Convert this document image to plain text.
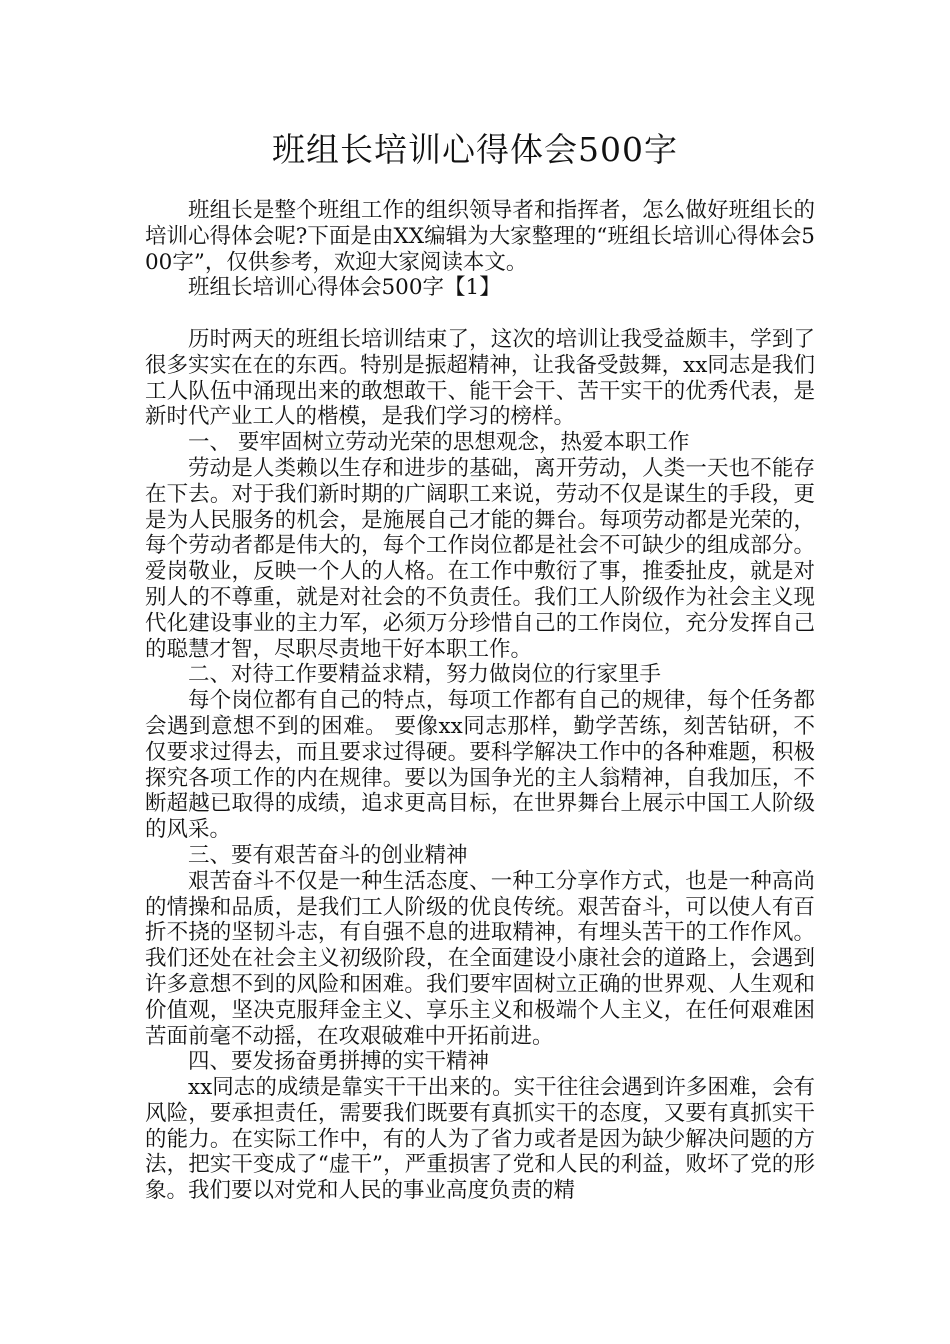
班组长培训心得体会500字

班组长是整个班组工作的组织领导者和指挥者，怎么做好班组长的培训心得体会呢?下面是由XX编辑为大家整理的“班组长培训心得体会500字”，仅供参考，欢迎大家阅读本文。

班组长培训心得体会500字【1】

历时两天的班组长培训结束了，这次的培训让我受益颇丰，学到了很多实实在在的东西。特别是振超精神，让我备受鼓舞，xx同志是我们工人队伍中涌现出来的敢想敢干、能干会干、苦干实干的优秀代表，是新时代产业工人的楷模，是我们学习的榜样。

一、 要牢固树立劳动光荣的思想观念，热爱本职工作

劳动是人类赖以生存和进步的基础，离开劳动，人类一天也不能存在下去。对于我们新时期的广阔职工来说，劳动不仅是谋生的手段，更是为人民服务的机会，是施展自己才能的舞台。每项劳动都是光荣的，每个劳动者都是伟大的，每个工作岗位都是社会不可缺少的组成部分。爱岗敬业，反映一个人的人格。在工作中敷衍了事，推委扯皮，就是对别人的不尊重，就是对社会的不负责任。我们工人阶级作为社会主义现代化建设事业的主力军，必须万分珍惜自己的工作岗位，充分发挥自己的聪慧才智，尽职尽责地干好本职工作。

二、对待工作要精益求精，努力做岗位的行家里手

每个岗位都有自己的特点，每项工作都有自己的规律，每个任务都会遇到意想不到的困难。 要像xx同志那样，勤学苦练，刻苦钻研，不仅要求过得去，而且要求过得硬。要科学解决工作中的各种难题，积极探究各项工作的内在规律。要以为国争光的主人翁精神，自我加压，不断超越已取得的成绩，追求更高目标，在世界舞台上展示中国工人阶级的风采。

三、要有艰苦奋斗的创业精神

艰苦奋斗不仅是一种生活态度、一种工分享作方式，也是一种高尚的情操和品质，是我们工人阶级的优良传统。艰苦奋斗，可以使人有百折不挠的坚韧斗志，有自强不息的进取精神，有埋头苦干的工作作风。我们还处在社会主义初级阶段，在全面建设小康社会的道路上，会遇到许多意想不到的风险和困难。我们要牢固树立正确的世界观、人生观和价值观，坚决克服拜金主义、享乐主义和极端个人主义，在任何艰难困苦面前毫不动摇，在攻艰破难中开拓前进。

四、要发扬奋勇拼搏的实干精神

xx同志的成绩是靠实干干出来的。实干往往会遇到许多困难，会有风险，要承担责任，需要我们既要有真抓实干的态度，又要有真抓实干的能力。在实际工作中，有的人为了省力或者是因为缺少解决问题的方法，把实干变成了“虚干”，严重损害了党和人民的利益，败坏了党的形象。我们要以对党和人民的事业高度负责的精
